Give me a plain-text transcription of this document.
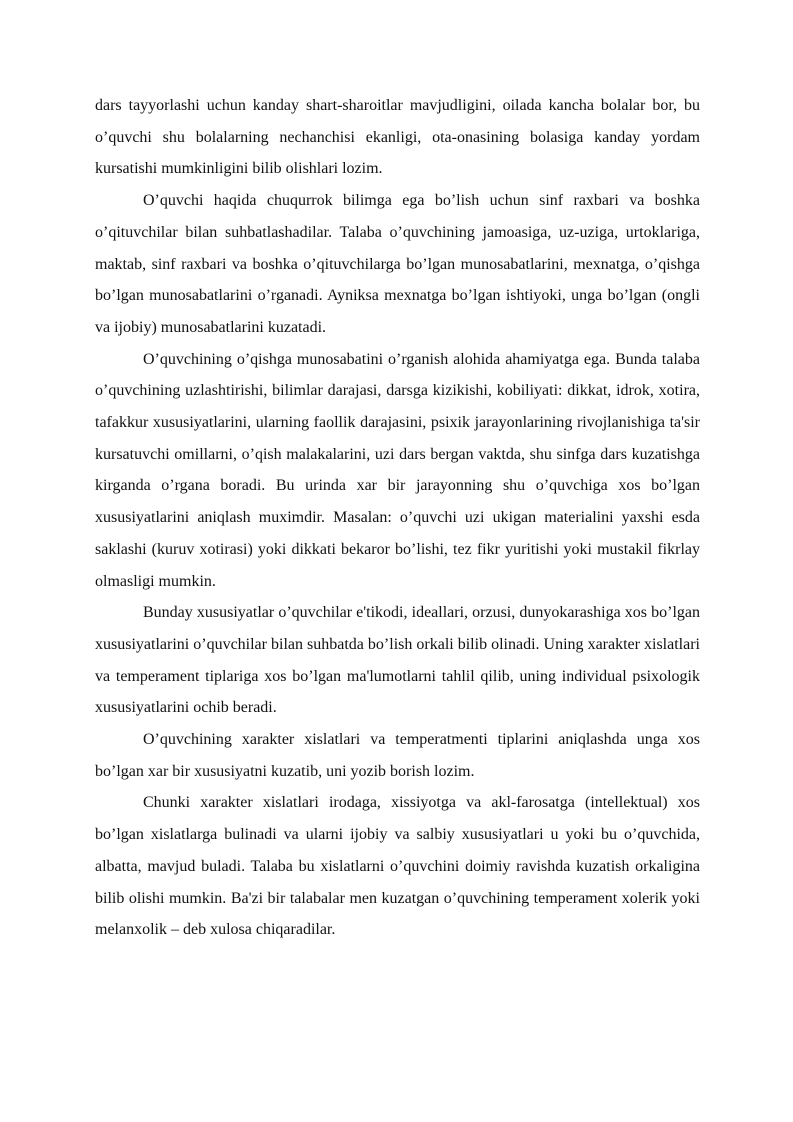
dars tayyorlashi uchun kanday shart-sharoitlar mavjudligini, oilada kancha bolalar bor, bu o’quvchi shu bolalarning nechanchisi ekanligi, ota-onasining bolasiga kanday yordam kursatishi mumkinligini bilib olishlari lozim.

O’quvchi haqida chuqurrok bilimga ega bo’lish uchun sinf raxbari va boshka o’qituvchilar bilan suhbatlashadilar. Talaba o’quvchining jamoasiga, uz-uziga, urtoklariga, maktab, sinf raxbari va boshka o’qituvchilarga bo’lgan munosabatlarini, mexnatga, o’qishga bo’lgan munosabatlarini o’rganadi. Ayniksa mexnatga bo’lgan ishtiyoki, unga bo’lgan (ongli va ijobiy) munosabatlarini kuzatadi.

O’quvchining o’qishga munosabatini o’rganish alohida ahamiyatga ega. Bunda talaba o’quvchining uzlashtirishi, bilimlar darajasi, darsga kizikishi, kobiliyati: dikkat, idrok, xotira, tafakkur xususiyatlarini, ularning faollik darajasini, psixik jarayonlarining rivojlanishiga ta'sir kursatuvchi omillarni, o’qish malakalarini, uzi dars bergan vaktda, shu sinfga dars kuzatishga kirganda o’rgana boradi. Bu urinda xar bir jarayonning shu o’quvchiga xos bo’lgan xususiyatlarini aniqlash muximdir. Masalan: o’quvchi uzi ukigan materialini yaxshi esda saklashi (kuruv xotirasi) yoki dikkati bekaror bo’lishi, tez fikr yuritishi yoki mustakil fikrlay olmasligi mumkin.

Bunday xususiyatlar o’quvchilar e'tikodi, ideallari, orzusi, dunyokarashiga xos bo’lgan xususiyatlarini o’quvchilar bilan suhbatda bo’lish orkali bilib olinadi. Uning xarakter xislatlari va temperament tiplariga xos bo’lgan ma'lumotlarni tahlil qilib, uning individual psixologik xususiyatlarini ochib beradi.

O’quvchining xarakter xislatlari va temperatmenti tiplarini aniqlashda unga xos bo’lgan xar bir xususiyatni kuzatib, uni yozib borish lozim.

Chunki xarakter xislatlari irodaga, xissiyotga va akl-farosatga (intellektual) xos bo’lgan xislatlarga bulinadi va ularni ijobiy va salbiy xususiyatlari u yoki bu o’quvchida, albatta, mavjud buladi. Talaba bu xislatlarni o’quvchini doimiy ravishda kuzatish orkaligina bilib olishi mumkin. Ba'zi bir talabalar men kuzatgan o’quvchining temperament xolerik yoki melanxolik – deb xulosa chiqaradilar.
